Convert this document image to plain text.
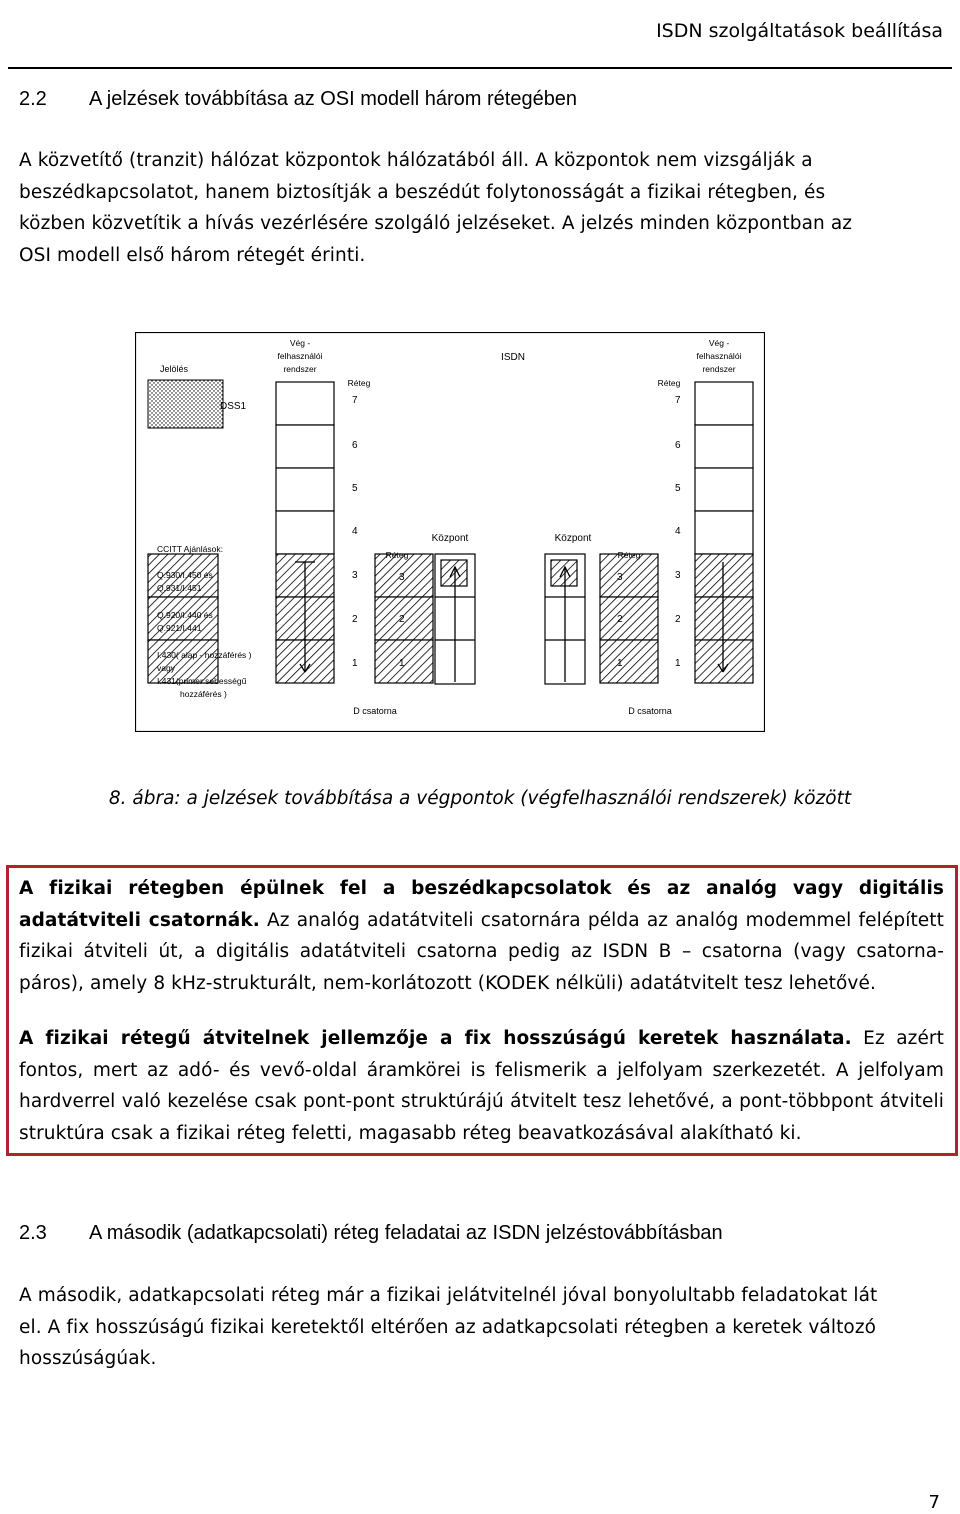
ISDN szolgáltatások beállítása
2.2 A jelzések továbbítása az OSI modell három rétegében

A közvetítő (tranzit) hálózat központok hálózatából áll. A központok nem vizsgálják a

beszédkapcsolatot, hanem biztosítják a beszédút folytonosságát a fizikai rétegben, és

közben közvetítik a hívás vezérlésére szolgáló jelzéseket. A jelzés minden központban az

OSI modell első három rétegét érinti.

Jelölés
DSS1
Vég -
felhasználói
rendszer
Vég -
felhasználói
rendszer
ISDN
Réteg	Réteg
7
6
5
4
7
6
5
4
Központ	Központ
Réteg	Réteg
3
2
1
3
2
1
3
2
1
3
2
1
CCITT Ajánlások:
Q.930/I.450 és
Q.931/I.451
Q.920/I.440 és
Q.921/I.441
I.430( alap - hozzáférés )
vagy
I.431(primer sebességű
hozzáférés )
D csatorna	D csatorna
8. ábra: a jelzések továbbítása a végpontok (végfelhasználói rendszerek) között

A fizikai rétegben épülnek fel a beszédkapcsolatok és az analóg vagy digitális adatátviteli csatornák. Az analóg adatátviteli csatornára példa az analóg modemmel felépített fizikai átviteli út, a digitális adatátviteli csatorna pedig az ISDN B – csatorna (vagy csatorna-páros), amely 8 kHz-strukturált, nem-korlátozott (KODEK nélküli) adatátvitelt tesz lehetővé.

A fizikai rétegű átvitelnek jellemzője a fix hosszúságú keretek használata. Ez azért fontos, mert az adó- és vevő-oldal áramkörei is felismerik a jelfolyam szerkezetét. A jelfolyam hardverrel való kezelése csak pont-pont struktúrájú átvitelt tesz lehetővé, a pont-többpont átviteli struktúra csak a fizikai réteg feletti, magasabb réteg beavatkozásával alakítható ki.

2.3 A második (adatkapcsolati) réteg feladatai az ISDN jelzéstovábbításban

A második, adatkapcsolati réteg már a fizikai jelátvitelnél jóval bonyolultabb feladatokat lát

el. A fix hosszúságú fizikai keretektől eltérően az adatkapcsolati rétegben a keretek változó

hosszúságúak.

7
